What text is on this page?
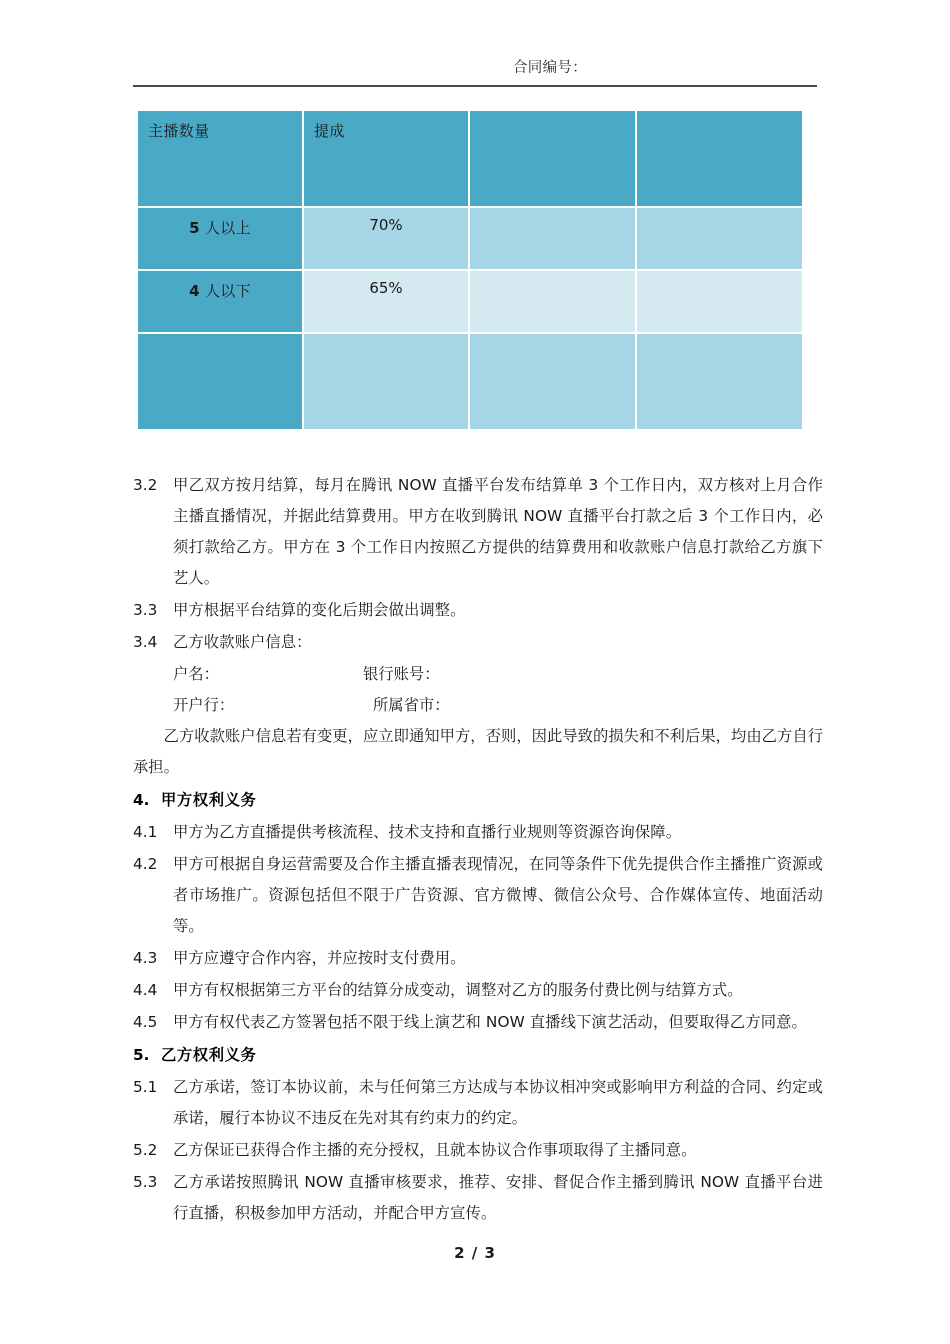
合同编号：
主播数量	提成		
5 人以上	70%		
4 人以下	65%		

3.2	甲乙双方按月结算，每月在腾讯 NOW 直播平台发布结算单 3 个工作日内，双方核对上月合作主播直播情况，并据此结算费用。甲方在收到腾讯 NOW 直播平台打款之后 3 个工作日内，必须打款给乙方。甲方在 3 个工作日内按照乙方提供的结算费用和收款账户信息打款给乙方旗下艺人。
3.3	甲方根据平台结算的变化后期会做出调整。
3.4	乙方收款账户信息：
户名：	银行账号：
开户行：	所属省市：
乙方收款账户信息若有变更，应立即通知甲方，否则，因此导致的损失和不利后果，均由乙方自行承担。
4. 甲方权利义务
4.1	甲方为乙方直播提供考核流程、技术支持和直播行业规则等资源咨询保障。
4.2	甲方可根据自身运营需要及合作主播直播表现情况，在同等条件下优先提供合作主播推广资源或者市场推广。资源包括但不限于广告资源、官方微博、微信公众号、合作媒体宣传、地面活动等。
4.3	甲方应遵守合作内容，并应按时支付费用。
4.4	甲方有权根据第三方平台的结算分成变动，调整对乙方的服务付费比例与结算方式。
4.5	甲方有权代表乙方签署包括不限于线上演艺和 NOW 直播线下演艺活动，但要取得乙方同意。
5. 乙方权利义务
5.1	乙方承诺，签订本协议前，未与任何第三方达成与本协议相冲突或影响甲方利益的合同、约定或承诺，履行本协议不违反在先对其有约束力的约定。
5.2	乙方保证已获得合作主播的充分授权，且就本协议合作事项取得了主播同意。
5.3	乙方承诺按照腾讯 NOW 直播审核要求，推荐、安排、督促合作主播到腾讯 NOW 直播平台进行直播，积极参加甲方活动，并配合甲方宣传。
2 / 3
